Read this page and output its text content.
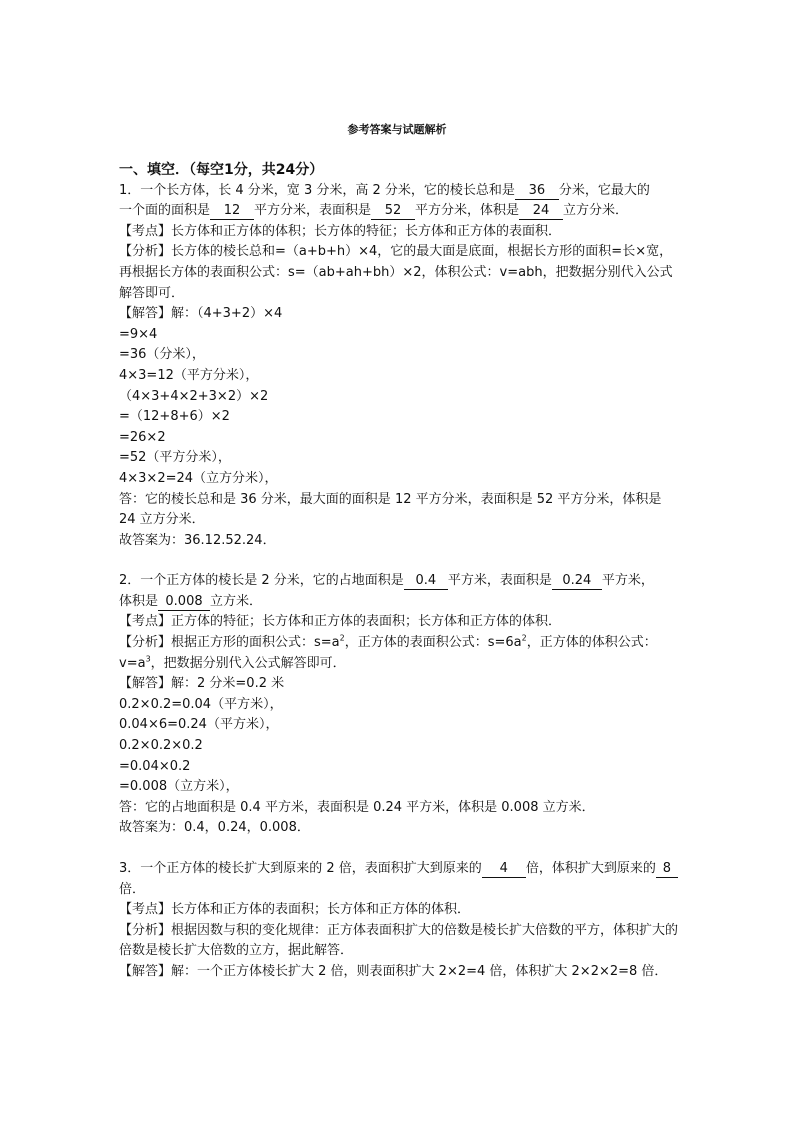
参考答案与试题解析
一、填空．（每空1分，共24分）
1．一个长方体，长 4 分米，宽 3 分米，高 2 分米，它的棱长总和是 36 分米，它最大的
一个面的面积是 12 平方分米，表面积是 52 平方分米，体积是 24 立方分米．
【考点】长方体和正方体的体积；长方体的特征；长方体和正方体的表面积．
【分析】长方体的棱长总和=（a+b+h）×4，它的最大面是底面，根据长方形的面积=长×宽，再根据长方体的表面积公式：s=（ab+ah+bh）×2，体积公式：v=abh，把数据分别代入公式解答即可．
【解答】解：（4+3+2）×4
=9×4
=36（分米），
4×3=12（平方分米），
（4×3+4×2+3×2）×2
=（12+8+6）×2
=26×2
=52（平方分米），
4×3×2=24（立方分米），
答：它的棱长总和是 36 分米，最大面的面积是 12 平方分米，表面积是 52 平方分米，体积是 24 立方分米．
故答案为：36.12.52.24．
2．一个正方体的棱长是 2 分米，它的占地面积是 0.4 平方米，表面积是 0.24 平方米，
体积是 0.008 立方米．
【考点】正方体的特征；长方体和正方体的表面积；长方体和正方体的体积．
【分析】根据正方形的面积公式：$s=a^2$，正方体的表面积公式：$s=6a^2$，正方体的体积公式：
$v=a^3$，把数据分别代入公式解答即可．
【解答】解：2 分米=0.2 米
0.2×0.2=0.04（平方米），
0.04×6=0.24（平方米），
0.2×0.2×0.2
=0.04×0.2
=0.008（立方米），
答：它的占地面积是 0.4 平方米，表面积是 0.24 平方米，体积是 0.008 立方米．
故答案为：0.4，0.24，0.008．
3．一个正方体的棱长扩大到原来的 2 倍，表面积扩大到原来的 4 倍，体积扩大到原来的 8倍．
【考点】长方体和正方体的表面积；长方体和正方体的体积．
【分析】根据因数与积的变化规律：正方体表面积扩大的倍数是棱长扩大倍数的平方，体积扩大的倍数是棱长扩大倍数的立方，据此解答．
【解答】解：一个正方体棱长扩大 2 倍，则表面积扩大 2×2=4 倍，体积扩大 2×2×2=8 倍．
